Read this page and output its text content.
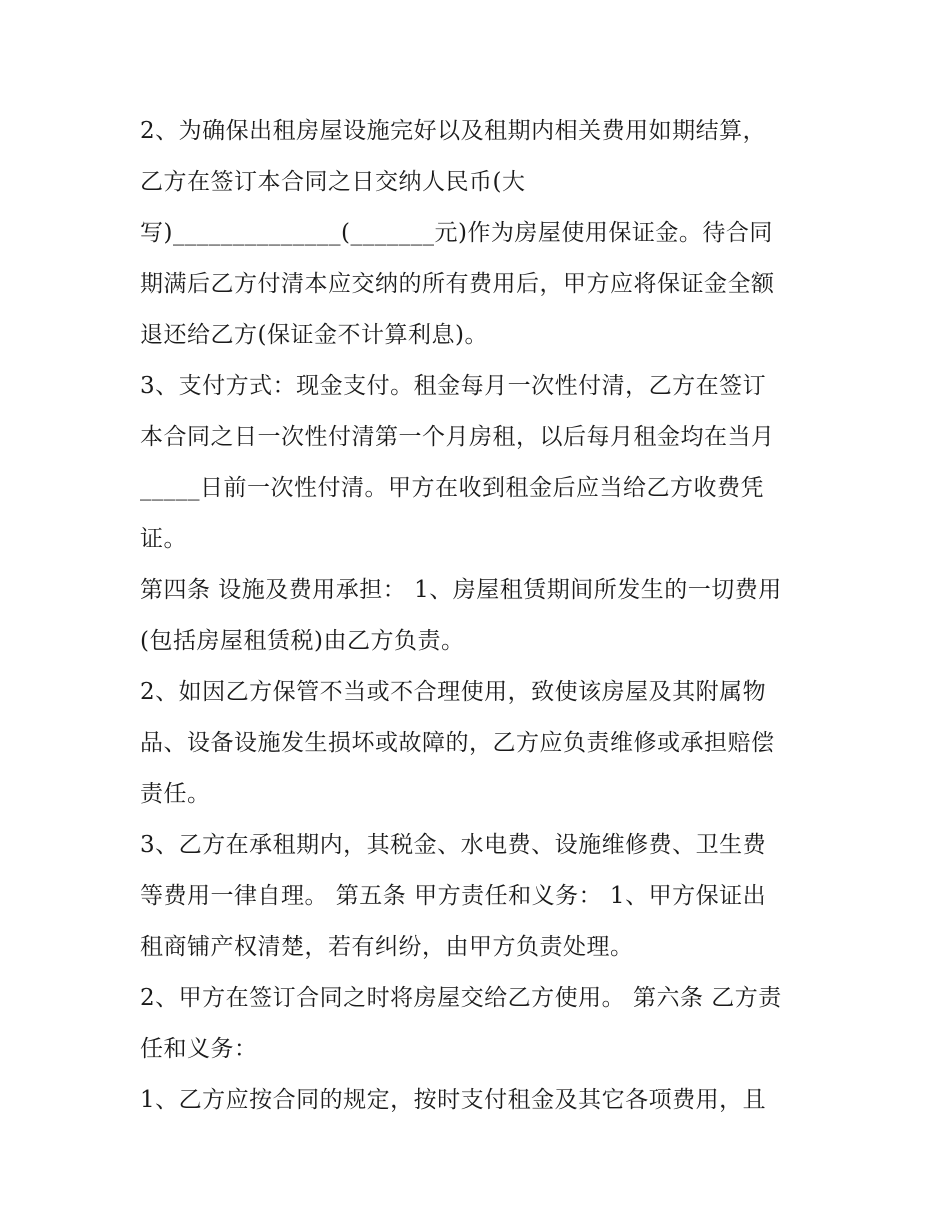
2、为确保出租房屋设施完好以及租期内相关费用如期结算，
乙方在签订本合同之日交纳人民币(大
写)______________(_______元)作为房屋使用保证金。待合同
期满后乙方付清本应交纳的所有费用后，甲方应将保证金全额
退还给乙方(保证金不计算利息)。
3、支付方式：现金支付。租金每月一次性付清，乙方在签订
本合同之日一次性付清第一个月房租，以后每月租金均在当月
_____日前一次性付清。甲方在收到租金后应当给乙方收费凭
证。
第四条 设施及费用承担： 1、房屋租赁期间所发生的一切费用
(包括房屋租赁税)由乙方负责。
2、如因乙方保管不当或不合理使用，致使该房屋及其附属物
品、设备设施发生损坏或故障的，乙方应负责维修或承担赔偿
责任。
3、乙方在承租期内，其税金、水电费、设施维修费、卫生费
等费用一律自理。 第五条 甲方责任和义务： 1、甲方保证出
租商铺产权清楚，若有纠纷，由甲方负责处理。
2、甲方在签订合同之时将房屋交给乙方使用。 第六条 乙方责
任和义务：
1、乙方应按合同的规定，按时支付租金及其它各项费用，且
